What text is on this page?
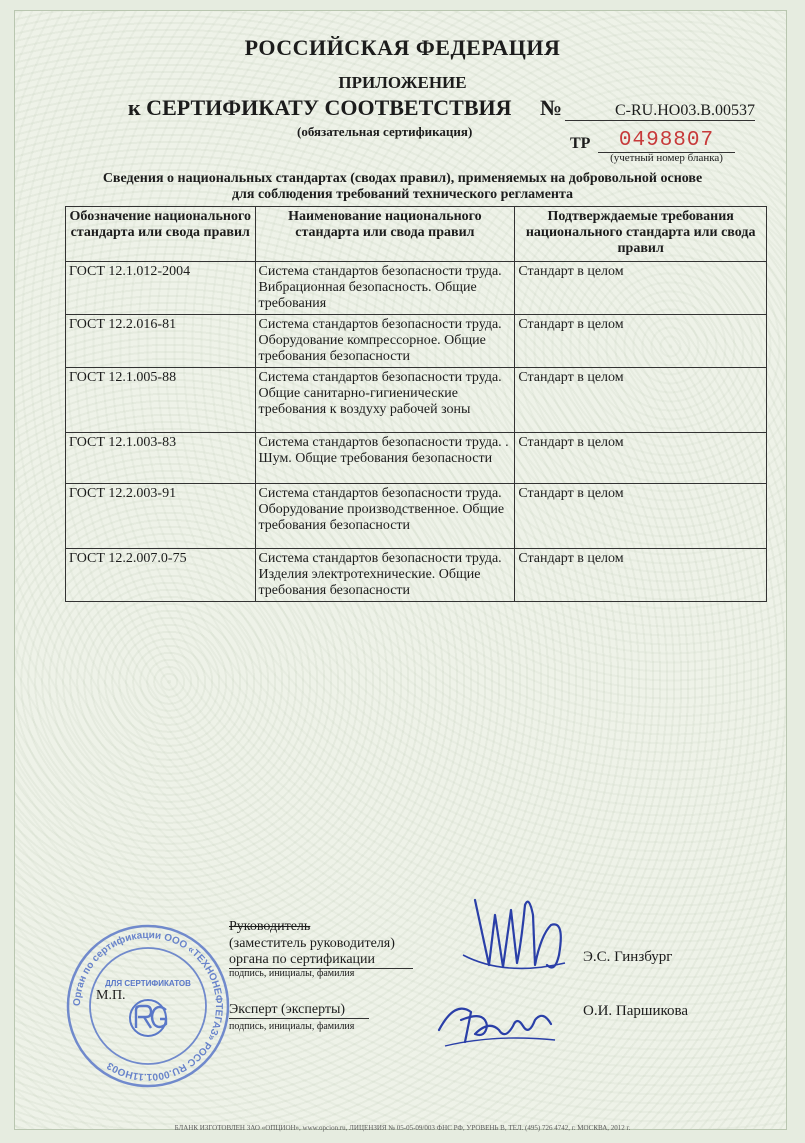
РОССИЙСКАЯ ФЕДЕРАЦИЯ
ПРИЛОЖЕНИЕ
к СЕРТИФИКАТУ СООТВЕТСТВИЯ №	C-RU.HO03.B.00537
(обязательная сертификация)
ТР	0498807
(учетный номер бланка)
Сведения о национальных стандартах (сводах правил), применяемых на добровольной основе для соблюдения требований технического регламента
Обозначение национального стандарта или свода правил	Наименование национального стандарта или свода правил	Подтверждаемые требования национального стандарта или свода правил
ГОСТ 12.1.012-2004	Система стандартов безопасности труда. Вибрационная безопасность. Общие требования	Стандарт в целом
ГОСТ 12.2.016-81	Система стандартов безопасности труда. Оборудование компрессорное. Общие требования безопасности	Стандарт в целом
ГОСТ 12.1.005-88	Система стандартов безопасности труда. Общие санитарно-гигиенические требования к воздуху рабочей зоны	Стандарт в целом
ГОСТ 12.1.003-83	Система стандартов безопасности труда. . Шум. Общие требования безопасности	Стандарт в целом
ГОСТ 12.2.003-91	Система стандартов безопасности труда. Оборудование производственное. Общие требования безопасности	Стандарт в целом
ГОСТ 12.2.007.0-75	Система стандартов безопасности труда. Изделия электротехнические. Общие требования безопасности	Стандарт в целом
Орган по сертификации ООО «ТЕХНОНЕФТЕГАЗ» РОСС RU.0001.11HO03
ДЛЯ СЕРТИФИКАТОВ
М.П.
Руководитель
(заместитель руководителя)
органа по сертификации
подпись, инициалы, фамилия
Эксперт (эксперты)
подпись, инициалы, фамилия
Э.С. Гинзбург
О.И. Паршикова
БЛАНК ИЗГОТОВЛЕН ЗАО «ОПЦИОН», www.opcion.ru, ЛИЦЕНЗИЯ № 05-05-09/003 ФНС РФ, УРОВЕНЬ В, ТЕЛ. (495) 726 4742, г. МОСКВА, 2012 г.
